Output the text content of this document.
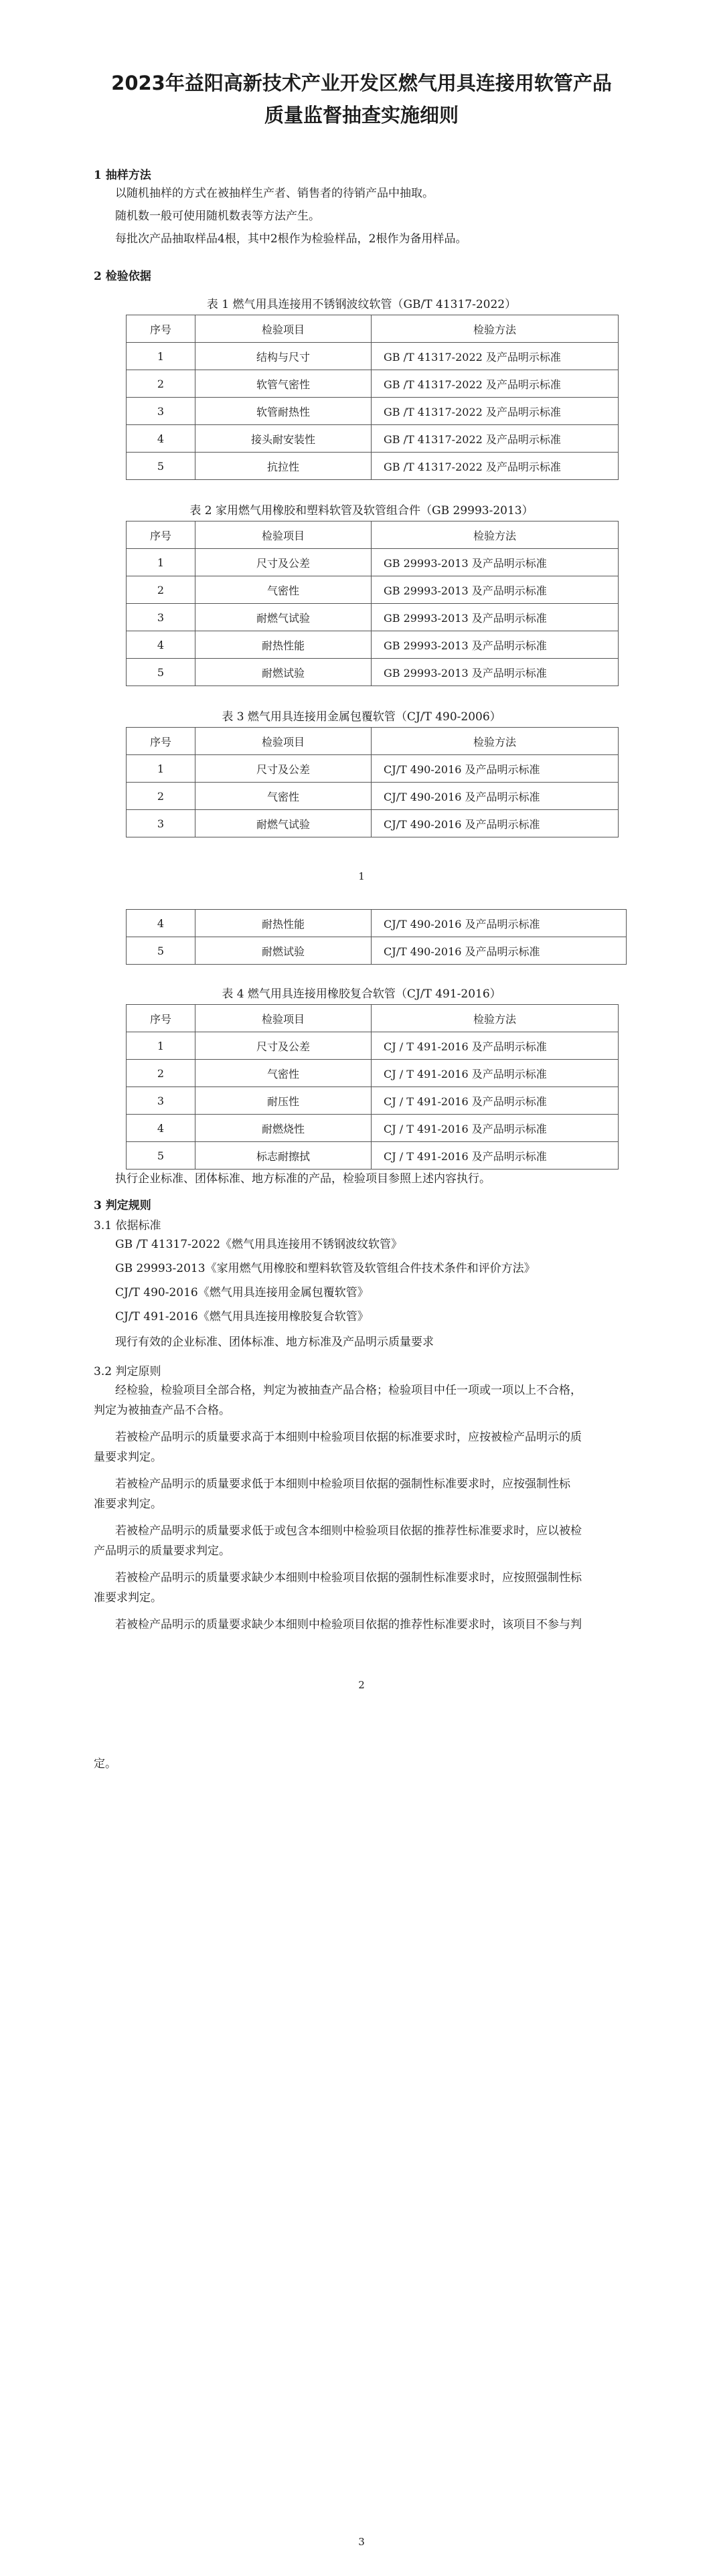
2023年益阳高新技术产业开发区燃气用具连接用软管产品
质量监督抽查实施细则
1 抽样方法
以随机抽样的方式在被抽样生产者、销售者的待销产品中抽取。
随机数一般可使用随机数表等方法产生。
每批次产品抽取样品4根，其中2根作为检验样品，2根作为备用样品。
2 检验依据
表 1 燃气用具连接用不锈钢波纹软管（GB/T 41317-2022）
序号	检验项目	检验方法
1	结构与尺寸	GB /T 41317-2022 及产品明示标准
2	软管气密性	GB /T 41317-2022 及产品明示标准
3	软管耐热性	GB /T 41317-2022 及产品明示标准
4	接头耐安装性	GB /T 41317-2022 及产品明示标准
5	抗拉性	GB /T 41317-2022 及产品明示标准
表 2 家用燃气用橡胶和塑料软管及软管组合件（GB 29993-2013）
序号	检验项目	检验方法
1	尺寸及公差	GB 29993-2013 及产品明示标准
2	气密性	GB 29993-2013 及产品明示标准
3	耐燃气试验	GB 29993-2013 及产品明示标准
4	耐热性能	GB 29993-2013 及产品明示标准
5	耐燃试验	GB 29993-2013 及产品明示标准
表 3 燃气用具连接用金属包覆软管（CJ/T 490-2006）
序号	检验项目	检验方法
1	尺寸及公差	CJ/T 490-2016 及产品明示标准
2	气密性	CJ/T 490-2016 及产品明示标准
3	耐燃气试验	CJ/T 490-2016 及产品明示标准
1
4	耐热性能	CJ/T 490-2016 及产品明示标准
5	耐燃试验	CJ/T 490-2016 及产品明示标准
表 4 燃气用具连接用橡胶复合软管（CJ/T 491-2016）
序号	检验项目	检验方法
1	尺寸及公差	CJ / T 491-2016 及产品明示标准
2	气密性	CJ / T 491-2016 及产品明示标准
3	耐压性	CJ / T 491-2016 及产品明示标准
4	耐燃烧性	CJ / T 491-2016 及产品明示标准
5	标志耐擦拭	CJ / T 491-2016 及产品明示标准
执行企业标准、团体标准、地方标准的产品，检验项目参照上述内容执行。
3 判定规则
3.1 依据标准
GB /T 41317-2022《燃气用具连接用不锈钢波纹软管》
GB 29993-2013《家用燃气用橡胶和塑料软管及软管组合件技术条件和评价方法》
CJ/T 490-2016《燃气用具连接用金属包覆软管》
CJ/T 491-2016《燃气用具连接用橡胶复合软管》
现行有效的企业标准、团体标准、地方标准及产品明示质量要求
3.2 判定原则
经检验，检验项目全部合格，判定为被抽查产品合格；检验项目中任一项或一项以上不合格，
判定为被抽查产品不合格。
若被检产品明示的质量要求高于本细则中检验项目依据的标准要求时，应按被检产品明示的质
量要求判定。
若被检产品明示的质量要求低于本细则中检验项目依据的强制性标准要求时，应按强制性标
准要求判定。
若被检产品明示的质量要求低于或包含本细则中检验项目依据的推荐性标准要求时，应以被检
产品明示的质量要求判定。
若被检产品明示的质量要求缺少本细则中检验项目依据的强制性标准要求时，应按照强制性标
准要求判定。
若被检产品明示的质量要求缺少本细则中检验项目依据的推荐性标准要求时，该项目不参与判
2
定。
3
